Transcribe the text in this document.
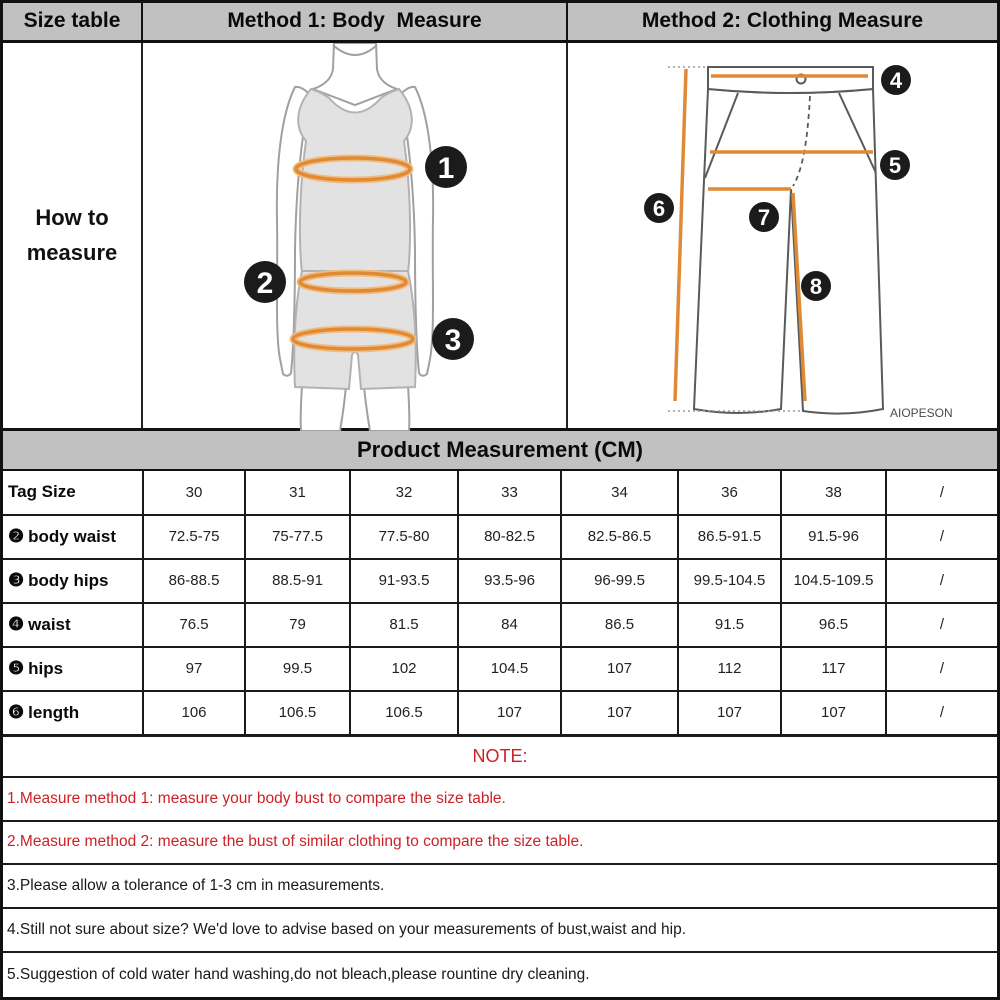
Size table	Method 1: Body  Measure	Method 2: Clothing Measure
How to
measure
1
2
3
4
5
6	7
8
AIOPESON
Product Measurement (CM)
Tag Size	30	31	32	33	34	36	38	/
❷ body waist	72.5-75	75-77.5	77.5-80	80-82.5	82.5-86.5	86.5-91.5	91.5-96	/
❸ body hips	86-88.5	88.5-91	91-93.5	93.5-96	96-99.5	99.5-104.5	104.5-109.5	/
❹ waist	76.5	79	81.5	84	86.5	91.5	96.5	/
❺ hips	97	99.5	102	104.5	107	112	117	/
❻ length	106	106.5	106.5	107	107	107	107	/
NOTE:
1.Measure method 1: measure your body bust to compare the size table.
2.Measure method 2: measure the bust of similar clothing to compare the size table.
3.Please allow a tolerance of 1-3 cm in measurements.
4.Still not sure about size? We'd love to advise based on your measurements of bust,waist and hip.
5.Suggestion of cold water hand washing,do not bleach,please rountine dry cleaning.
